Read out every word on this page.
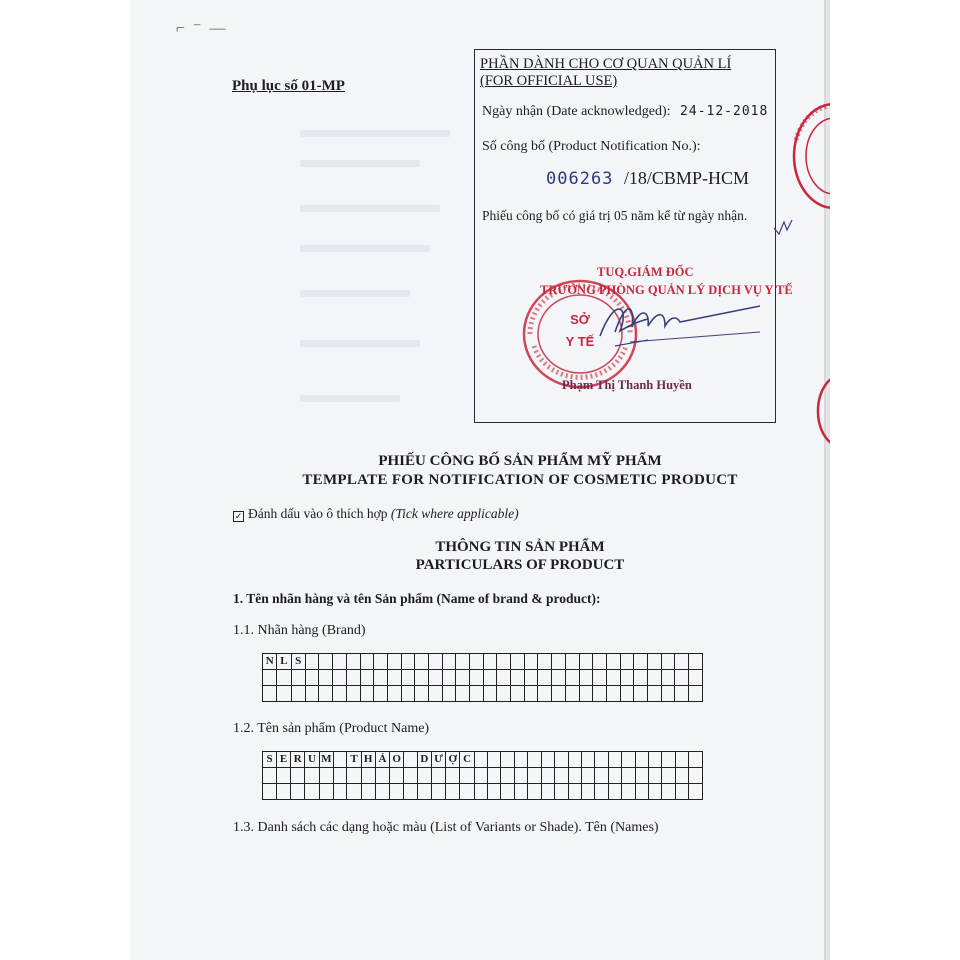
⌐ ⁻ —
Phụ lục số 01-MP
PHẦN DÀNH CHO CƠ QUAN QUẢN LÍ
(FOR OFFICIAL USE)
Ngày nhận (Date acknowledged): 24-12-2018
Số công bố (Product Notification No.):
006263 /18/CBMP-HCM
Phiếu công bố có giá trị 05 năm kể từ ngày nhận.
TUQ.GIÁM ĐỐC
TRƯỞNG PHÒNG QUẢN LÝ DỊCH VỤ Y TẾ
SỞ
Y TẾ
Phạm Thị Thanh Huyền
PHIẾU CÔNG BỐ SẢN PHẨM MỸ PHẨM
TEMPLATE FOR NOTIFICATION OF COSMETIC PRODUCT
✓ Đánh dấu vào ô thích hợp (Tick where applicable)
THÔNG TIN SẢN PHẨM
PARTICULARS OF PRODUCT
1. Tên nhãn hàng và tên Sản phẩm (Name of brand & product):
1.1. Nhãn hàng (Brand)
N	L	S																													

1.2. Tên sản phẩm (Product Name)
S	E	R	U	M		T	H	Ả	O		D	Ư	Ợ	C																	

1.3. Danh sách các dạng hoặc màu (List of Variants or Shade). Tên (Names)
